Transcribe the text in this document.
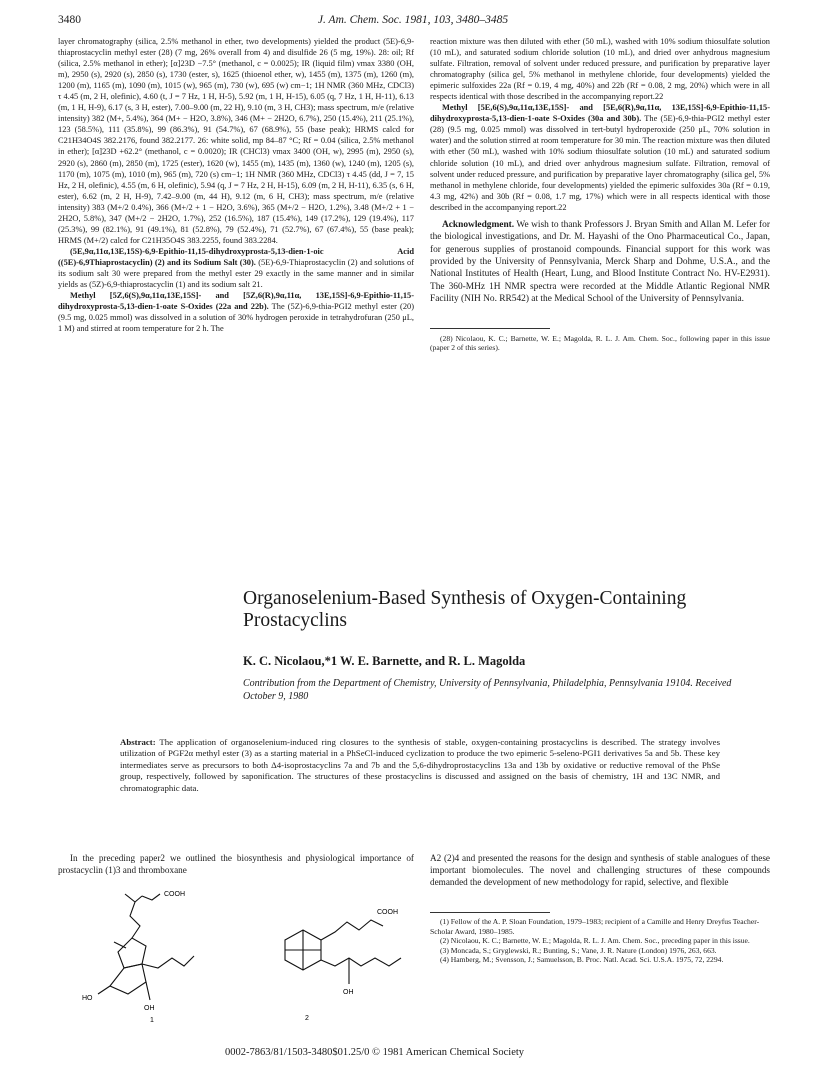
3480	J. Am. Chem. Soc. 1981, 103, 3480–3485

layer chromatography (silica, 2.5% methanol in ether, two developments) yielded the product (5E)-6,9-thiaprostacyclin methyl ester (28) (7 mg, 26% overall from 4) and disulfide 26 (5 mg, 19%). 28: oil; Rf (silica, 2.5% methanol in ether); [α]23D −7.5° (methanol, c = 0.0025); IR (liquid film) νmax 3380 (OH, m), 2950 (s), 2920 (s), 2850 (s), 1730 (ester, s), 1625 (thioenol ether, w), 1455 (m), 1375 (m), 1260 (m), 1200 (m), 1165 (m), 1090 (m), 1015 (w), 965 (m), 730 (w), 695 (w) cm−1; 1H NMR (360 MHz, CDCl3) τ 4.45 (m, 2 H, olefinic), 4.60 (t, J = 7 Hz, 1 H, H-5), 5.92 (m, 1 H, H-15), 6.05 (q, 7 Hz, 1 H, H-11), 6.13 (m, 1 H, H-9), 6.17 (s, 3 H, ester), 7.00–9.00 (m, 22 H), 9.10 (m, 3 H, CH3); mass spectrum, m/e (relative intensity) 382 (M+, 5.4%), 364 (M+ − H2O, 3.8%), 346 (M+ − 2H2O, 6.7%), 250 (15.4%), 211 (25.1%), 123 (58.5%), 111 (35.8%), 99 (86.3%), 91 (54.7%), 67 (68.9%), 55 (base peak); HRMS calcd for C21H34O4S 382.2176, found 382.2177. 26: white solid, mp 84–87 °C; Rf = 0.04 (silica, 2.5% methanol in ether); [α]23D +62.2° (methanol, c = 0.0020); IR (CHCl3) νmax 3400 (OH, w), 2995 (m), 2950 (s), 2920 (s), 2860 (m), 2850 (m), 1725 (ester), 1620 (w), 1455 (m), 1435 (m), 1360 (w), 1240 (m), 1205 (s), 1170 (m), 1075 (m), 1010 (m), 965 (m), 720 (s) cm−1; 1H NMR (360 MHz, CDCl3) τ 4.45 (dd, J = 7, 15 Hz, 2 H, olefinic), 4.55 (m, 6 H, olefinic), 5.94 (q, J = 7 Hz, 2 H, H-15), 6.09 (m, 2 H, H-11), 6.35 (s, 6 H, ester), 6.62 (m, 2 H, H-9), 7.42–9.00 (m, 44 H), 9.12 (m, 6 H, CH3); mass spectrum, m/e (relative intensity) 383 (M+/2 0.4%), 366 (M+/2 + 1 − H2O, 3.6%), 365 (M+/2 − H2O, 1.2%), 3.48 (M+/2 + 1 − 2H2O, 5.8%), 347 (M+/2 − 2H2O, 1.7%), 252 (16.5%), 187 (15.4%), 149 (17.2%), 129 (19.4%), 117 (25.3%), 99 (82.1%), 91 (49.1%), 81 (52.8%), 79 (52.4%), 71 (52.7%), 67 (67.4%), 55 (base peak); HRMS (M+/2) calcd for C21H35O4S 383.2255, found 383.2284.

(5E,9α,11α,13E,15S)-6,9-Epithio-11,15-dihydroxyprosta-5,13-dien-1-oic Acid ((5E)-6,9Thiaprostacyclin) (2) and its Sodium Salt (30). (5E)-6,9-Thiaprostacyclin (2) and solutions of its sodium salt 30 were prepared from the methyl ester 29 exactly in the same manner and in similar yields as (5Z)-6,9-thiaprostacyclin (1) and its sodium salt 21.

Methyl [5Z,6(S),9α,11α,13E,15S]- and [5Z,6(R),9α,11α, 13E,15S]-6,9-Epithio-11,15-dihydroxyprosta-5,13-dien-1-oate S-Oxides (22a and 22b). The (5Z)-6,9-thia-PGI2 methyl ester (20) (9.5 mg, 0.025 mmol) was dissolved in a solution of 30% hydrogen peroxide in tetrahydrofuran (250 μL, 1 M) and stirred at room temperature for 2 h. The

reaction mixture was then diluted with ether (50 mL), washed with 10% sodium thiosulfate solution (10 mL), and saturated sodium chloride solution (10 mL), and dried over anhydrous magnesium sulfate. Filtration, removal of solvent under reduced pressure, and purification by preparative layer chromatography (silica gel, 5% methanol in methylene chloride, four developments) yielded the epimeric sulfoxides 22a (Rf = 0.19, 4 mg, 40%) and 22b (Rf = 0.08, 2 mg, 20%) which were in all respects identical with those described in the accompanying report.22

Methyl [5E,6(S),9α,11α,13E,15S]- and [5E,6(R),9α,11α, 13E,15S]-6,9-Epithio-11,15-dihydroxyprosta-5,13-dien-1-oate S-Oxides (30a and 30b). The (5E)-6,9-thia-PGI2 methyl ester (28) (9.5 mg, 0.025 mmol) was dissolved in tert-butyl hydroperoxide (250 μL, 70% solution in water) and the solution stirred at room temperature for 30 min. The reaction mixture was then diluted with ether (50 mL), washed with 10% sodium thiosulfate solution (10 mL) and saturated sodium chloride solution (10 mL), and dried over anhydrous magnesium sulfate. Filtration, removal of solvent under reduced pressure, and purification by preparative layer chromatography (silica gel, 5% methanol in methylene chloride, four developments) yielded the epimeric sulfoxides 30a (Rf = 0.19, 4.3 mg, 42%) and 30b (Rf = 0.08, 1.7 mg, 17%) which were in all respects identical with those described in the accompanying report.22

Acknowledgment. We wish to thank Professors J. Bryan Smith and Allan M. Lefer for the biological investigations, and Dr. M. Hayashi of the Ono Pharmaceutical Co., Japan, for generous supplies of prostanoid compounds. Financial support for this work was provided by the University of Pennsylvania, Merck Sharp and Dohme, U.S.A., and the National Institutes of Health (Heart, Lung, and Blood Institute Contract No. HV-E2931). The 360-MHz 1H NMR spectra were recorded at the Middle Atlantic Regional NMR Facility (NIH No. RR542) at the Medical School of the University of Pennsylvania.

(28) Nicolaou, K. C.; Barnette, W. E.; Magolda, R. L. J. Am. Chem. Soc., following paper in this issue (paper 2 of this series).

Organoselenium-Based Synthesis of Oxygen-Containing Prostacyclins
K. C. Nicolaou,*1 W. E. Barnette, and R. L. Magolda
Contribution from the Department of Chemistry, University of Pennsylvania, Philadelphia, Pennsylvania 19104. Received October 9, 1980
Abstract: The application of organoselenium-induced ring closures to the synthesis of stable, oxygen-containing prostacyclins is described. The strategy involves utilization of PGF2α methyl ester (3) as a starting material in a PhSeCl-induced cyclization to produce the two epimeric 5-seleno-PGI1 derivatives 5a and 5b. These key intermediates serve as precursors to both Δ4-isoprostacyclins 7a and 7b and the 5,6-dihydroprostacyclins 13a and 13b by oxidative or reductive removal of the PhSe group, respectively, followed by saponification. The structures of these prostacyclins is discussed and assigned on the basis of chemistry, 1H and 13C NMR, and chromatographic data.

In the preceding paper2 we outlined the biosynthesis and physiological importance of prostacyclin (1)3 and thromboxane

COOH
HO
OH
1
COOH
OH
2

A2 (2)4 and presented the reasons for the design and synthesis of stable analogues of these important biomolecules. The novel and challenging structures of these compounds demanded the development of new methodology for rapid, selective, and flexible

(1) Fellow of the A. P. Sloan Foundation, 1979–1983; recipient of a Camille and Henry Dreyfus Teacher-Scholar Award, 1980–1985.

(2) Nicolaou, K. C.; Barnette, W. E.; Magolda, R. L. J. Am. Chem. Soc., preceding paper in this issue.

(3) Moncada, S.; Gryglewski, R.; Bunting, S.; Vane, J. R. Nature (London) 1976, 263, 663.

(4) Hamberg, M.; Svensson, J.; Samuelsson, B. Proc. Natl. Acad. Sci. U.S.A. 1975, 72, 2294.

0002-7863/81/1503-3480$01.25/0 © 1981 American Chemical Society
